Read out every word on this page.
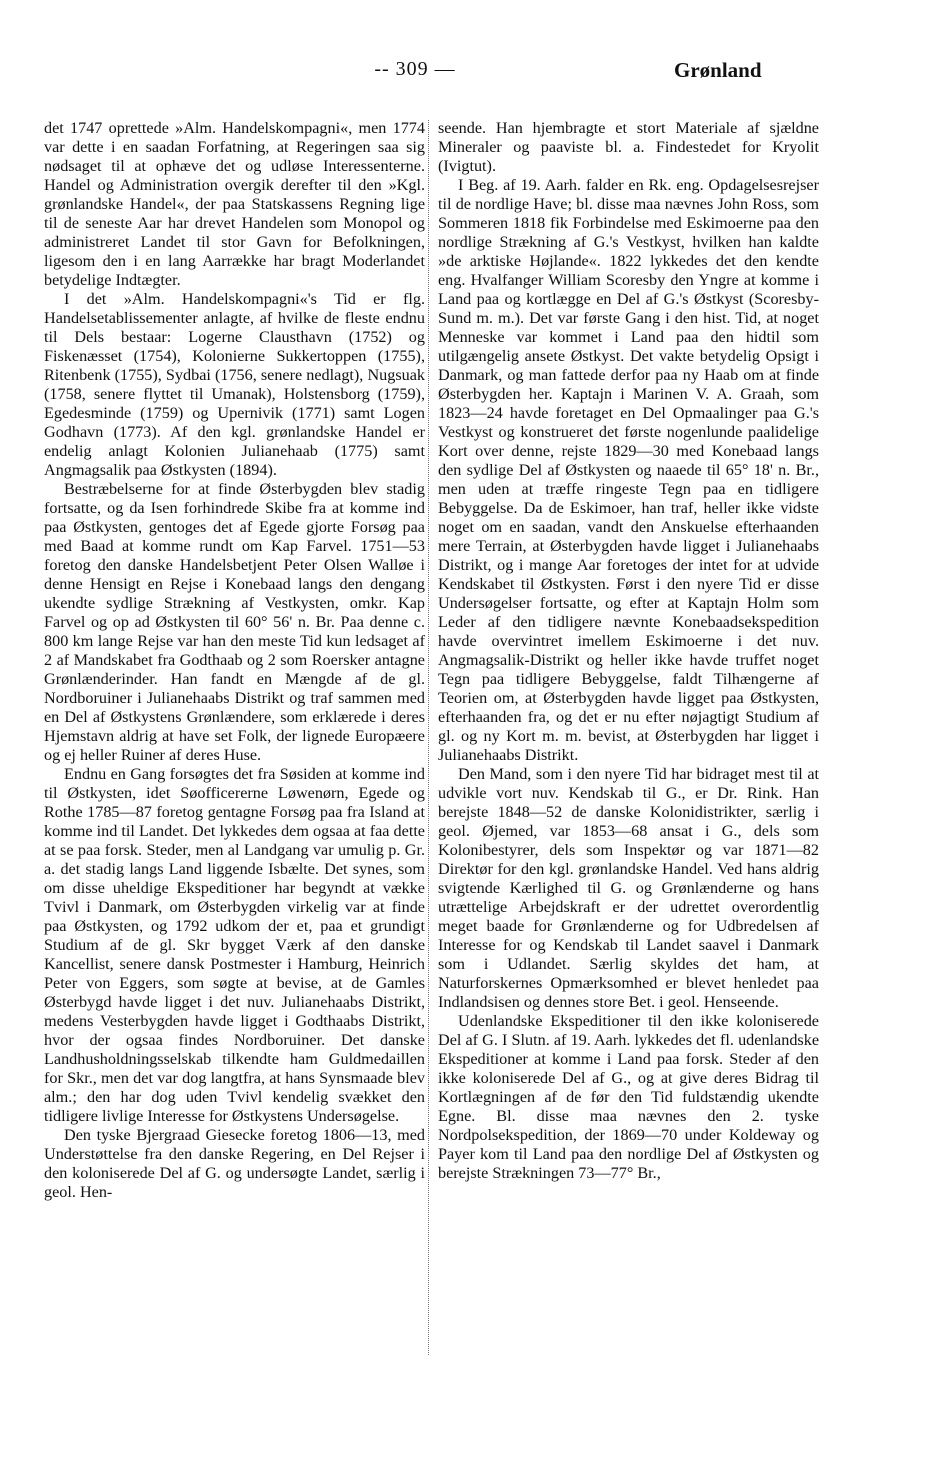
-- 309 —	Grønland

det 1747 oprettede »Alm. Handelskompagni«, men 1774 var dette i en saadan Forfatning, at Regeringen saa sig nødsaget til at ophæve det og udløse Interessenterne. Handel og Administration overgik derefter til den »Kgl. grønlandske Handel«, der paa Statskassens Regning lige til de seneste Aar har drevet Handelen som Monopol og administreret Landet til stor Gavn for Befolkningen, ligesom den i en lang Aarrække har bragt Moderlandet betydelige Indtægter.

I det »Alm. Handelskompagni«'s Tid er flg. Handelsetablissementer anlagte, af hvilke de fleste endnu til Dels bestaar: Logerne Clausthavn (1752) og Fiskenæsset (1754), Kolonierne Sukkertoppen (1755), Ritenbenk (1755), Sydbai (1756, senere nedlagt), Nugsuak (1758, senere flyttet til Umanak), Holstensborg (1759), Egedesminde (1759) og Upernivik (1771) samt Logen Godhavn (1773). Af den kgl. grønlandske Handel er endelig anlagt Kolonien Julianehaab (1775) samt Angmagsalik paa Østkysten (1894).

Bestræbelserne for at finde Østerbygden blev stadig fortsatte, og da Isen forhindrede Skibe fra at komme ind paa Østkysten, gentoges det af Egede gjorte Forsøg paa med Baad at komme rundt om Kap Farvel. 1751—53 foretog den danske Handelsbetjent Peter Olsen Walløe i denne Hensigt en Rejse i Konebaad langs den dengang ukendte sydlige Strækning af Vestkysten, omkr. Kap Farvel og op ad Østkysten til 60° 56' n. Br. Paa denne c. 800 km lange Rejse var han den meste Tid kun ledsaget af 2 af Mandskabet fra Godthaab og 2 som Roersker antagne Grønlænderinder. Han fandt en Mængde af de gl. Nordboruiner i Julianehaabs Distrikt og traf sammen med en Del af Østkystens Grønlændere, som erklærede i deres Hjemstavn aldrig at have set Folk, der lignede Europæere og ej heller Ruiner af deres Huse.

Endnu en Gang forsøgtes det fra Søsiden at komme ind til Østkysten, idet Søofficererne Løwenørn, Egede og Rothe 1785—87 foretog gentagne Forsøg paa fra Island at komme ind til Landet. Det lykkedes dem ogsaa at faa dette at se paa forsk. Steder, men al Landgang var umulig p. Gr. a. det stadig langs Land liggende Isbælte. Det synes, som om disse uheldige Ekspeditioner har begyndt at vække Tvivl i Danmark, om Østerbygden virkelig var at finde paa Østkysten, og 1792 udkom der et, paa et grundigt Studium af de gl. Skr bygget Værk af den danske Kancellist, senere dansk Postmester i Hamburg, Heinrich Peter von Eggers, som søgte at bevise, at de Gamles Østerbygd havde ligget i det nuv. Julianehaabs Distrikt, medens Vesterbygden havde ligget i Godthaabs Distrikt, hvor der ogsaa findes Nordboruiner. Det danske Landhusholdningsselskab tilkendte ham Guldmedaillen for Skr., men det var dog langtfra, at hans Synsmaade blev alm.; den har dog uden Tvivl kendelig svækket den tidligere livlige Interesse for Østkystens Undersøgelse.

Den tyske Bjergraad Giesecke foretog 1806—13, med Understøttelse fra den danske Regering, en Del Rejser i den koloniserede Del af G. og undersøgte Landet, særlig i geol. Hen-

seende. Han hjembragte et stort Materiale af sjældne Mineraler og paaviste bl. a. Findestedet for Kryolit (Ivigtut).

I Beg. af 19. Aarh. falder en Rk. eng. Opdagelsesrejser til de nordlige Have; bl. disse maa nævnes John Ross, som Sommeren 1818 fik Forbindelse med Eskimoerne paa den nordlige Strækning af G.'s Vestkyst, hvilken han kaldte »de arktiske Højlande«. 1822 lykkedes det den kendte eng. Hvalfanger William Scoresby den Yngre at komme i Land paa og kortlægge en Del af G.'s Østkyst (Scoresby-Sund m. m.). Det var første Gang i den hist. Tid, at noget Menneske var kommet i Land paa den hidtil som utilgængelig ansete Østkyst. Det vakte betydelig Opsigt i Danmark, og man fattede derfor paa ny Haab om at finde Østerbygden her. Kaptajn i Marinen V. A. Graah, som 1823—24 havde foretaget en Del Opmaalinger paa G.'s Vestkyst og konstrueret det første nogenlunde paalidelige Kort over denne, rejste 1829—30 med Konebaad langs den sydlige Del af Østkysten og naaede til 65° 18' n. Br., men uden at træffe ringeste Tegn paa en tidligere Bebyggelse. Da de Eskimoer, han traf, heller ikke vidste noget om en saadan, vandt den Anskuelse efterhaanden mere Terrain, at Østerbygden havde ligget i Julianehaabs Distrikt, og i mange Aar foretoges der intet for at udvide Kendskabet til Østkysten. Først i den nyere Tid er disse Undersøgelser fortsatte, og efter at Kaptajn Holm som Leder af den tidligere nævnte Konebaadsekspedition havde overvintret imellem Eskimoerne i det nuv. Angmagsalik-Distrikt og heller ikke havde truffet noget Tegn paa tidligere Bebyggelse, faldt Tilhængerne af Teorien om, at Østerbygden havde ligget paa Østkysten, efterhaanden fra, og det er nu efter nøjagtigt Studium af gl. og ny Kort m. m. bevist, at Østerbygden har ligget i Julianehaabs Distrikt.

Den Mand, som i den nyere Tid har bidraget mest til at udvikle vort nuv. Kendskab til G., er Dr. Rink. Han berejste 1848—52 de danske Kolonidistrikter, særlig i geol. Øjemed, var 1853—68 ansat i G., dels som Kolonibestyrer, dels som Inspektør og var 1871—82 Direktør for den kgl. grønlandske Handel. Ved hans aldrig svigtende Kærlighed til G. og Grønlænderne og hans utrættelige Arbejdskraft er der udrettet overordentlig meget baade for Grønlænderne og for Udbredelsen af Interesse for og Kendskab til Landet saavel i Danmark som i Udlandet. Særlig skyldes det ham, at Naturforskernes Opmærksomhed er blevet henledet paa Indlandsisen og dennes store Bet. i geol. Henseende.

Udenlandske Ekspeditioner til den ikke koloniserede Del af G. I Slutn. af 19. Aarh. lykkedes det fl. udenlandske Ekspeditioner at komme i Land paa forsk. Steder af den ikke koloniserede Del af G., og at give deres Bidrag til Kortlægningen af de før den Tid fuldstændig ukendte Egne. Bl. disse maa nævnes den 2. tyske Nordpolsekspedition, der 1869—70 under Koldeway og Payer kom til Land paa den nordlige Del af Østkysten og berejste Strækningen 73—77° Br.,
